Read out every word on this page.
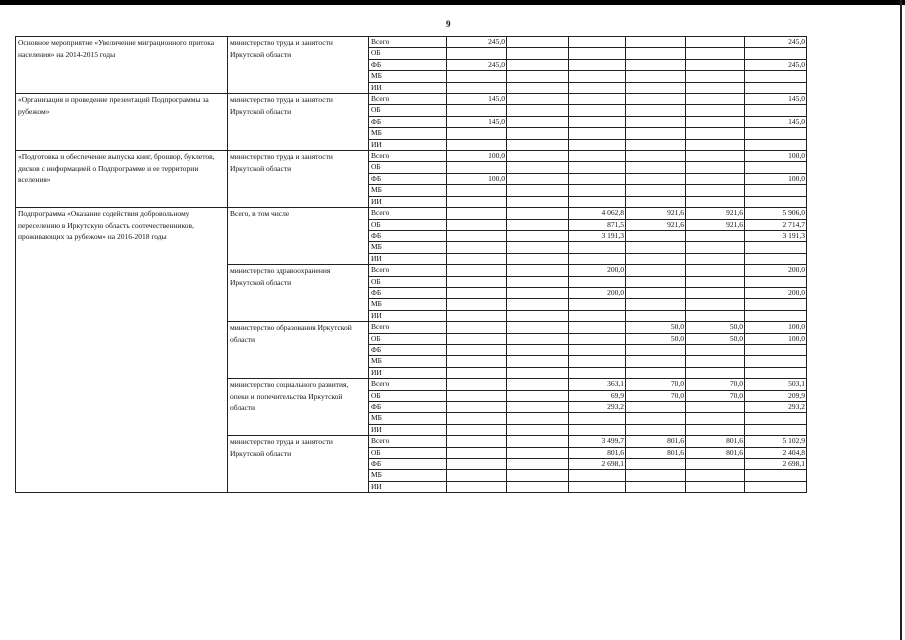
9
Основное мероприятие «Увеличение миграционного притока населения» на 2014-2015 годы	министерство труда и занятости Иркутской области	Всего	245,0					245,0
		ОБ						
		ФБ	245,0					245,0
		МБ						
		ИИ						
«Организация и проведение презентаций Подпрограммы за рубежом»	министерство труда и занятости Иркутской области	Всего	145,0					145,0
		ОБ						
		ФБ	145,0					145,0
		МБ						
		ИИ						
«Подготовка и обеспечение выпуска книг, брошюр, буклетов, дисков с информацией о Подпрограмме и ее территории вселения»	министерство труда и занятости Иркутской области	Всего	100,0					100,0
		ОБ						
		ФБ	100,0					100,0
		МБ						
		ИИ						
Подпрограмма «Оказание содействия добровольному переселению в Иркутскую область соотечественников, проживающих за рубежом» на 2016-2018 годы	Всего, в том числе	Всего			4 062,8	921,6	921,6	5 906,0
		ОБ			871,5	921,6	921,6	2 714,7
		ФБ			3 191,3			3 191,3
		МБ						
		ИИ						
	министерство здравоохранения Иркутской области	Всего			200,0			200,0
		ОБ						
		ФБ			200,0			200,0
		МБ						
		ИИ						
	министерство образования Иркутской области	Всего				50,0	50,0	100,0
		ОБ				50,0	50,0	100,0
		ФБ						
		МБ						
		ИИ						
	министерство социального развития, опеки и попечительства Иркутской области	Всего			363,1	70,0	70,0	503,1
		ОБ			69,9	70,0	70,0	209,9
		ФБ			293,2			293,2
		МБ						
		ИИ						
	министерство труда и занятости Иркутской области	Всего			3 499,7	801,6	801,6	5 102,9
		ОБ			801,6	801,6	801,6	2 404,8
		ФБ			2 698,1			2 698,1
		МБ						
		ИИ						
